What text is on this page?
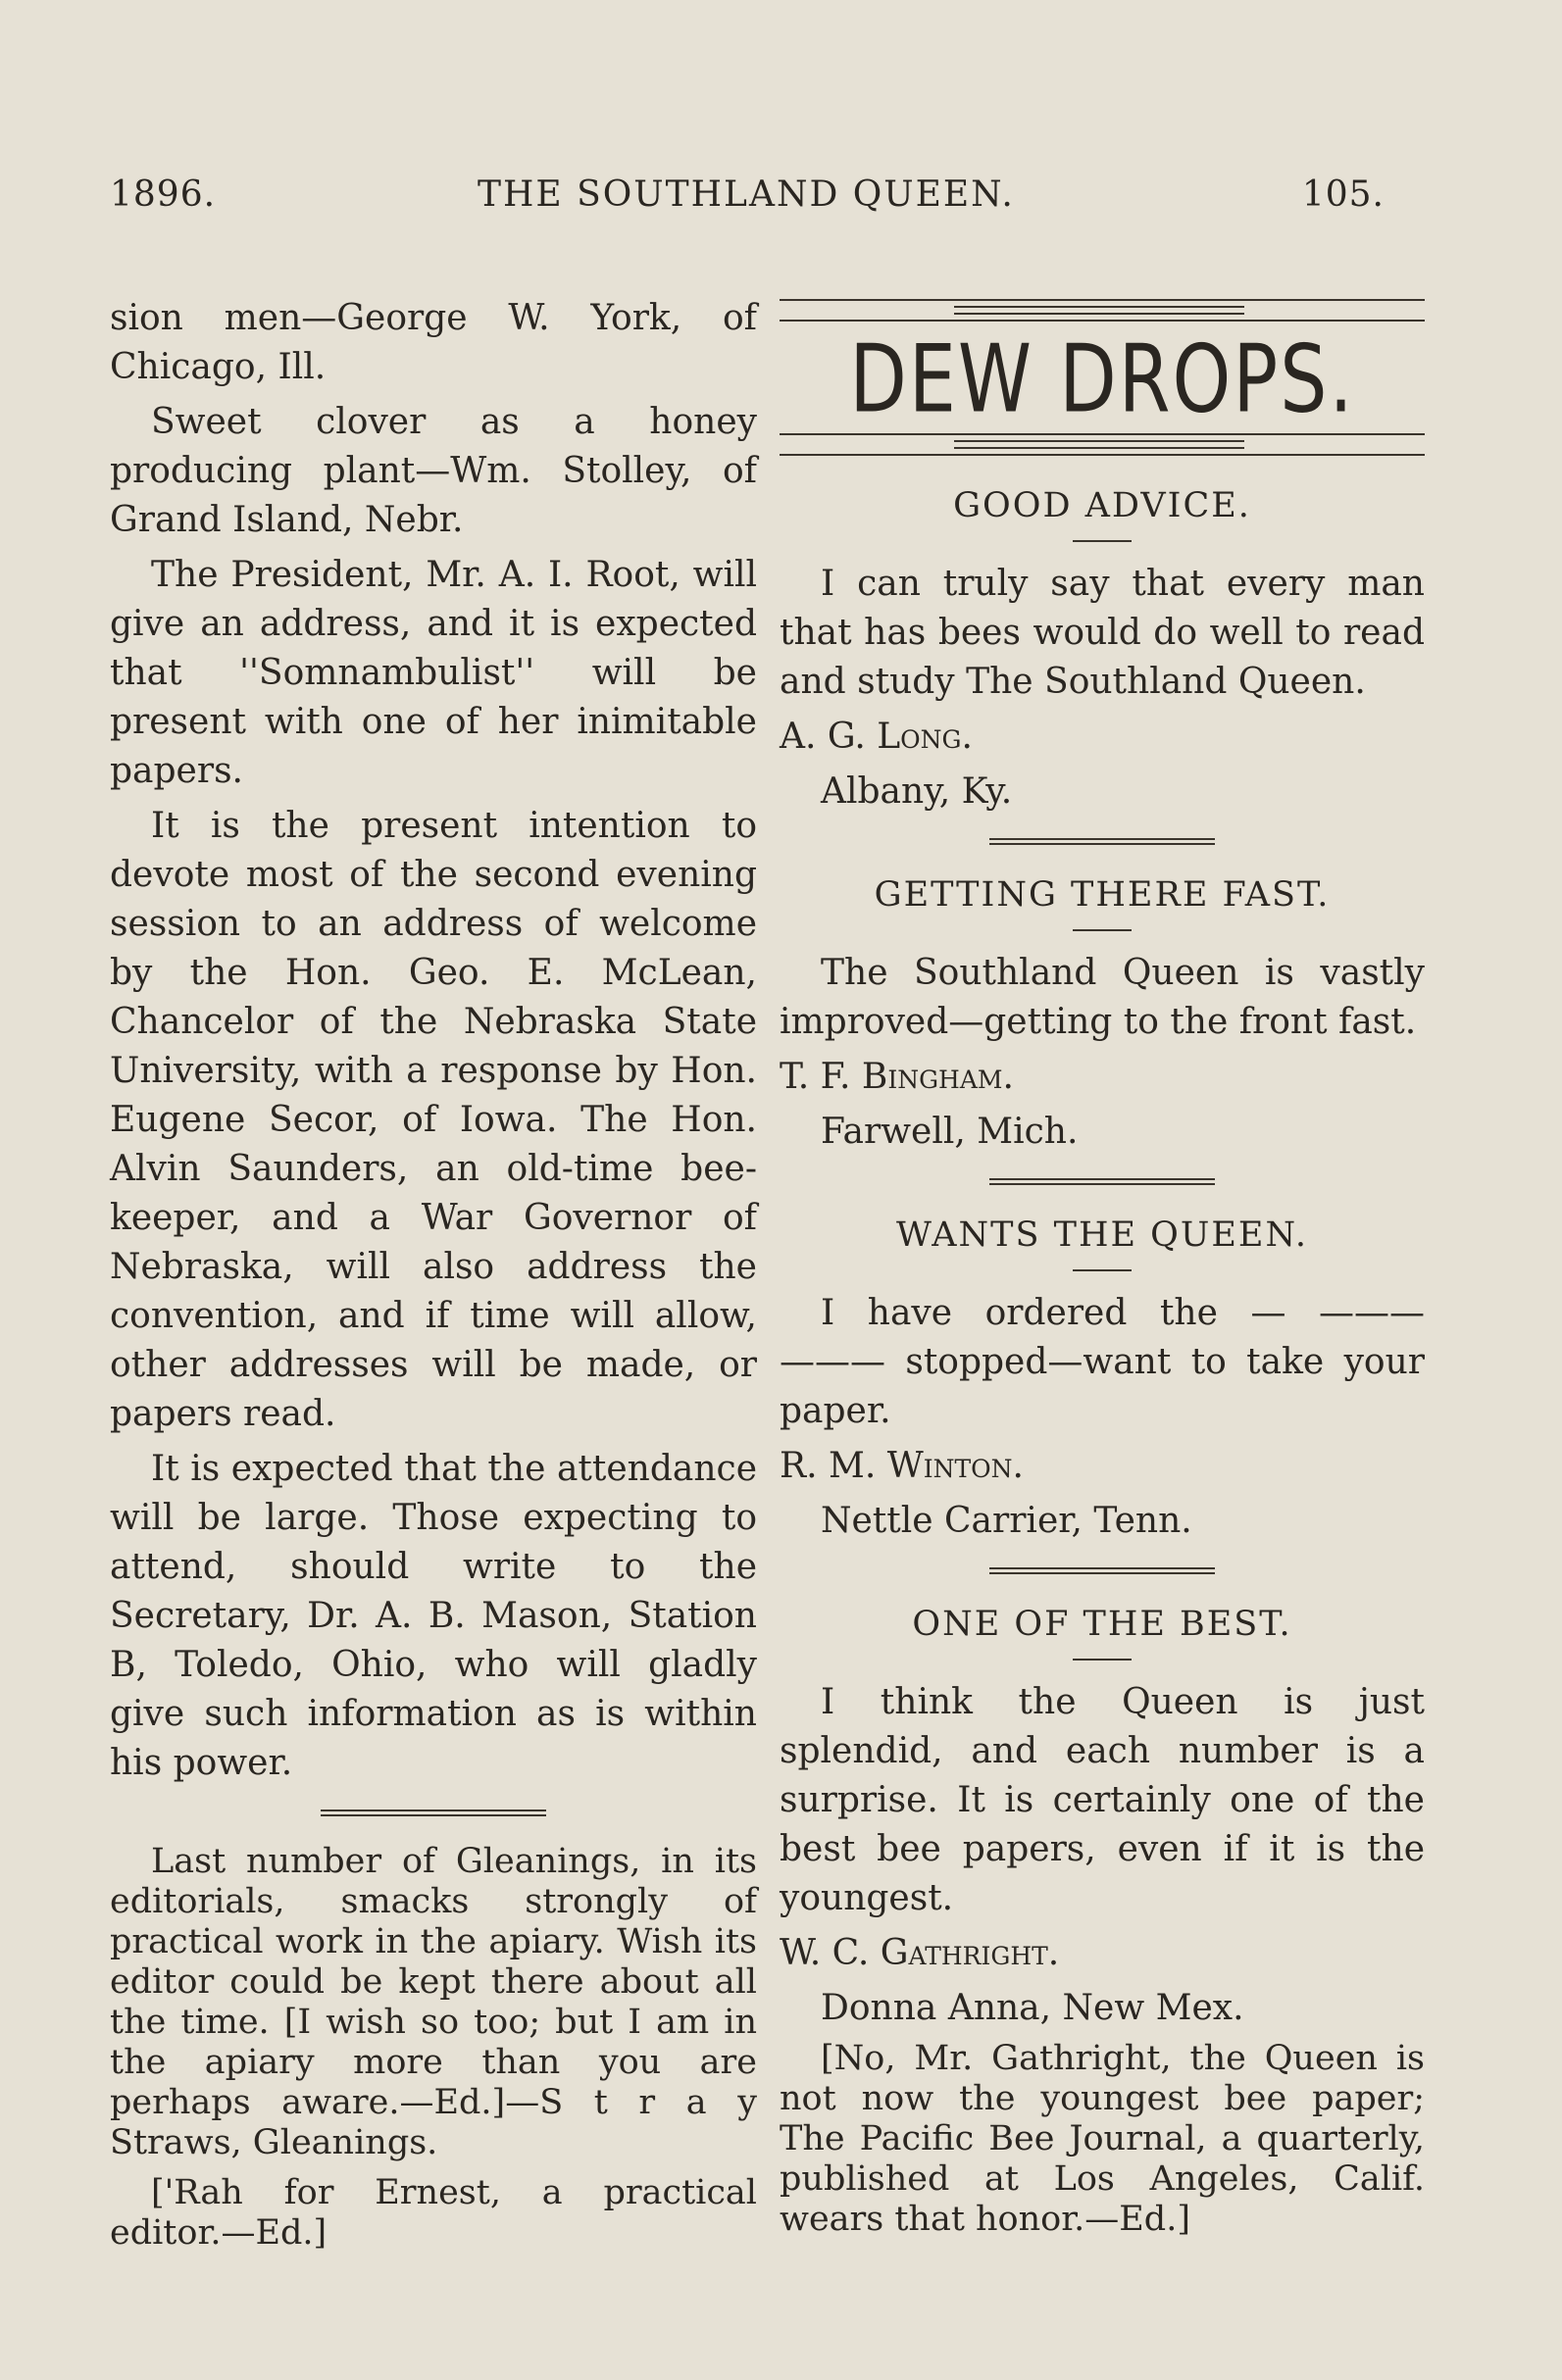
1896.	THE SOUTHLAND QUEEN.	105.

sion men—George W. York, of Chicago, Ill.

Sweet clover as a honey producing plant—Wm. Stolley, of Grand Island, Nebr.

The President, Mr. A. I. Root, will give an address, and it is expected that ''Somnambulist'' will be present with one of her inimitable papers.

It is the present intention to devote most of the second evening session to an address of welcome by the Hon. Geo. E. McLean, Chancelor of the Nebraska State University, with a response by Hon. Eugene Secor, of Iowa. The Hon. Alvin Saunders, an old-time bee-keeper, and a War Governor of Nebraska, will also address the convention, and if time will allow, other addresses will be made, or papers read.

It is expected that the attendance will be large. Those expecting to attend, should write to the Secretary, Dr. A. B. Mason, Station B, Toledo, Ohio, who will gladly give such information as is within his power.

Last number of Gleanings, in its editorials, smacks strongly of practical work in the apiary. Wish its editor could be kept there about all the time. [I wish so too; but I am in the apiary more than you are perhaps aware.—Ed.]—S t r a y Straws, Gleanings.

['Rah for Ernest, a practical editor.—Ed.]

DEW DROPS.
GOOD ADVICE.

I can truly say that every man that has bees would do well to read and study The Southland Queen.

A. G. Long.

Albany, Ky.

GETTING THERE FAST.

The Southland Queen is vastly improved—getting to the front fast.

T. F. Bingham.

Farwell, Mich.

WANTS THE QUEEN.

I have ordered the — ——— ——— stopped—want to take your paper.

R. M. Winton.

Nettle Carrier, Tenn.

ONE OF THE BEST.

I think the Queen is just splendid, and each number is a surprise. It is certainly one of the best bee papers, even if it is the youngest.

W. C. Gathright.

Donna Anna, New Mex.

[No, Mr. Gathright, the Queen is not now the youngest bee paper; The Pacific Bee Journal, a quarterly, published at Los Angeles, Calif. wears that honor.—Ed.]
